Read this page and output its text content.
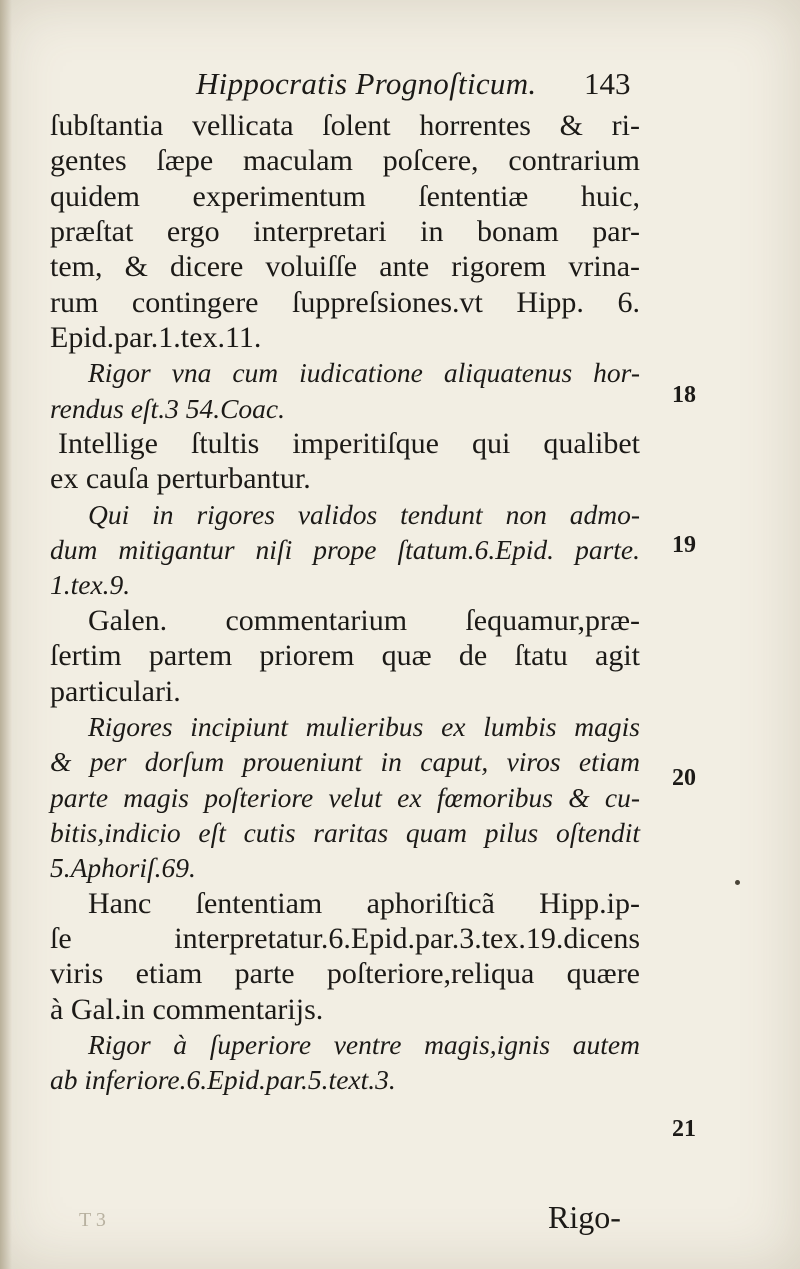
Hippocratis Prognoſticum. 143
ſubſtantia vellicata ſolent horrentes & ri-
gentes ſæpe maculam poſcere, contrarium
quidem experimentum ſententiæ huic,
præſtat ergo interpretari in bonam par-
tem, & dicere voluiſſe ante rigorem vrina-
rum contingere ſuppreſsiones.vt Hipp. 6.
Epid.par.1.tex.11.
Rigor vna cum iudicatione aliquatenus hor-
rendus eſt.3 54.Coac.
Intellige ſtultis imperitiſque qui qualibet
ex cauſa perturbantur.
Qui in rigores validos tendunt non admo-
dum mitigantur niſi prope ſtatum.6.Epid. parte.
1.tex.9.
Galen. commentarium ſequamur,præ-
ſertim partem priorem quæ de ſtatu agit
particulari.
Rigores incipiunt mulieribus ex lumbis magis
& per dorſum proueniunt in caput, viros etiam
parte magis poſteriore velut ex fœmoribus & cu-
bitis,indicio eſt cutis raritas quam pilus oſtendit
5.Aphoriſ.69.
Hanc ſententiam aphoriſticã Hipp.ip-
ſe interpretatur.6.Epid.par.3.tex.19.dicens
viris etiam parte poſteriore,reliqua quære
à Gal.in commentarijs.
Rigor à ſuperiore ventre magis,ignis autem
ab inferiore.6.Epid.par.5.text.3.
18
19
20
21
T 3	Rigo-
